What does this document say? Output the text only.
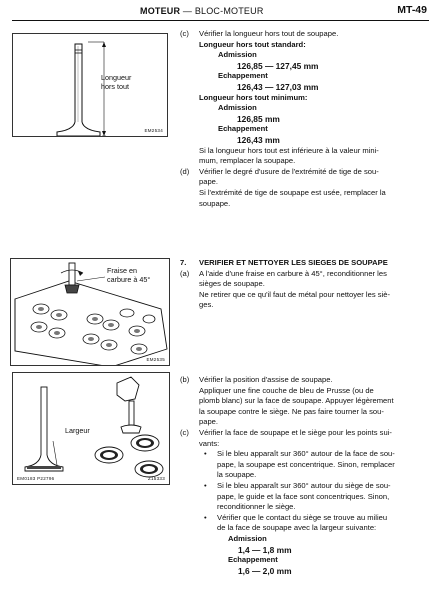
MOTEUR — BLOC-MOTEUR	MT-49
Longueur
hors tout
EM2534
Fraise en
carbure à 45°
EM2535
Largeur
EM0183 P22796	Z15333
(c) Vérifier la longueur hors tout de soupape.
Longueur hors tout standard:
Admission
126,85 — 127,45 mm
Echappement
126,43 — 127,03 mm
Longueur hors tout minimum:
Admission
126,85 mm
Echappement
126,43 mm
Si la longueur hors tout est inférieure à la valeur mini-
mum, remplacer la soupape.
(d) Vérifier le degré d'usure de l'extrémité de tige de sou-
pape.
Si l'extrémité de tige de soupape est usée, remplacer la
soupape.
7. VERIFIER ET NETTOYER LES SIEGES DE SOUPAPE
(a) A l'aide d'une fraise en carbure à 45°, reconditionner les
sièges de soupape.
Ne retirer que ce qu'il faut de métal pour nettoyer les siè-
ges.
(b) Vérifier la position d'assise de soupape.
Appliquer une fine couche de bleu de Prusse (ou de
plomb blanc) sur la face de soupape. Appuyer légèrement
la soupape contre le siège. Ne pas faire tourner la sou-
pape.
(c) Vérifier la face de soupape et le siège pour les points sui-
vants:
• Si le bleu apparaît sur 360° autour de la face de sou-
pape, la soupape est concentrique. Sinon, remplacer
la soupape.
• Si le bleu apparaît sur 360° autour du siège de sou-
pape, le guide et la face sont concentriques. Sinon,
reconditionner le siège.
• Vérifier que le contact du siège se trouve au milieu
de la face de soupape avec la largeur suivante:
Admission
1,4 — 1,8 mm
Echappement
1,6 — 2,0 mm
